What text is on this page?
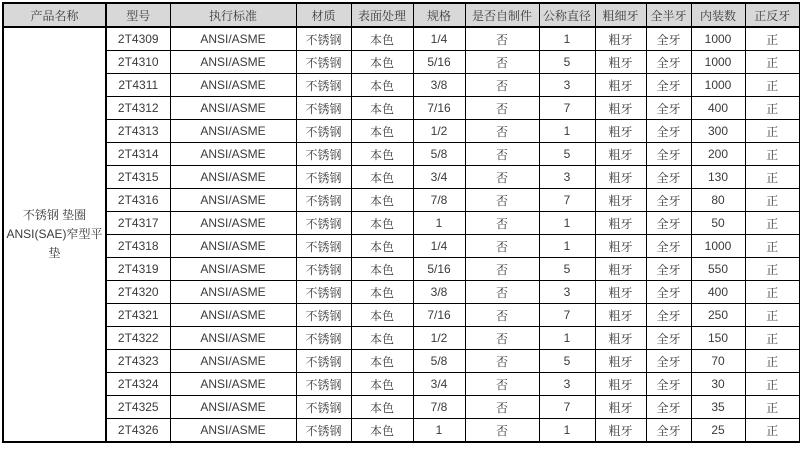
产品名称	型号	执行标准	材质	表面处理	规格	是否自制件	公称直径	粗细牙	全半牙	内装数	正反牙
不锈钢 垫圈 ANSI(SAE)窄型平垫	2T4309	ANSI/ASME	不锈钢	本色	1/4	否	1	粗牙	全牙	1000	正
	2T4310	ANSI/ASME	不锈钢	本色	5/16	否	5	粗牙	全牙	1000	正
	2T4311	ANSI/ASME	不锈钢	本色	3/8	否	3	粗牙	全牙	1000	正
	2T4312	ANSI/ASME	不锈钢	本色	7/16	否	7	粗牙	全牙	400	正
	2T4313	ANSI/ASME	不锈钢	本色	1/2	否	1	粗牙	全牙	300	正
	2T4314	ANSI/ASME	不锈钢	本色	5/8	否	5	粗牙	全牙	200	正
	2T4315	ANSI/ASME	不锈钢	本色	3/4	否	3	粗牙	全牙	130	正
	2T4316	ANSI/ASME	不锈钢	本色	7/8	否	7	粗牙	全牙	80	正
	2T4317	ANSI/ASME	不锈钢	本色	1	否	1	粗牙	全牙	50	正
	2T4318	ANSI/ASME	不锈钢	本色	1/4	否	1	粗牙	全牙	1000	正
	2T4319	ANSI/ASME	不锈钢	本色	5/16	否	5	粗牙	全牙	550	正
	2T4320	ANSI/ASME	不锈钢	本色	3/8	否	3	粗牙	全牙	400	正
	2T4321	ANSI/ASME	不锈钢	本色	7/16	否	7	粗牙	全牙	250	正
	2T4322	ANSI/ASME	不锈钢	本色	1/2	否	1	粗牙	全牙	150	正
	2T4323	ANSI/ASME	不锈钢	本色	5/8	否	5	粗牙	全牙	70	正
	2T4324	ANSI/ASME	不锈钢	本色	3/4	否	3	粗牙	全牙	30	正
	2T4325	ANSI/ASME	不锈钢	本色	7/8	否	7	粗牙	全牙	35	正
	2T4326	ANSI/ASME	不锈钢	本色	1	否	1	粗牙	全牙	25	正
